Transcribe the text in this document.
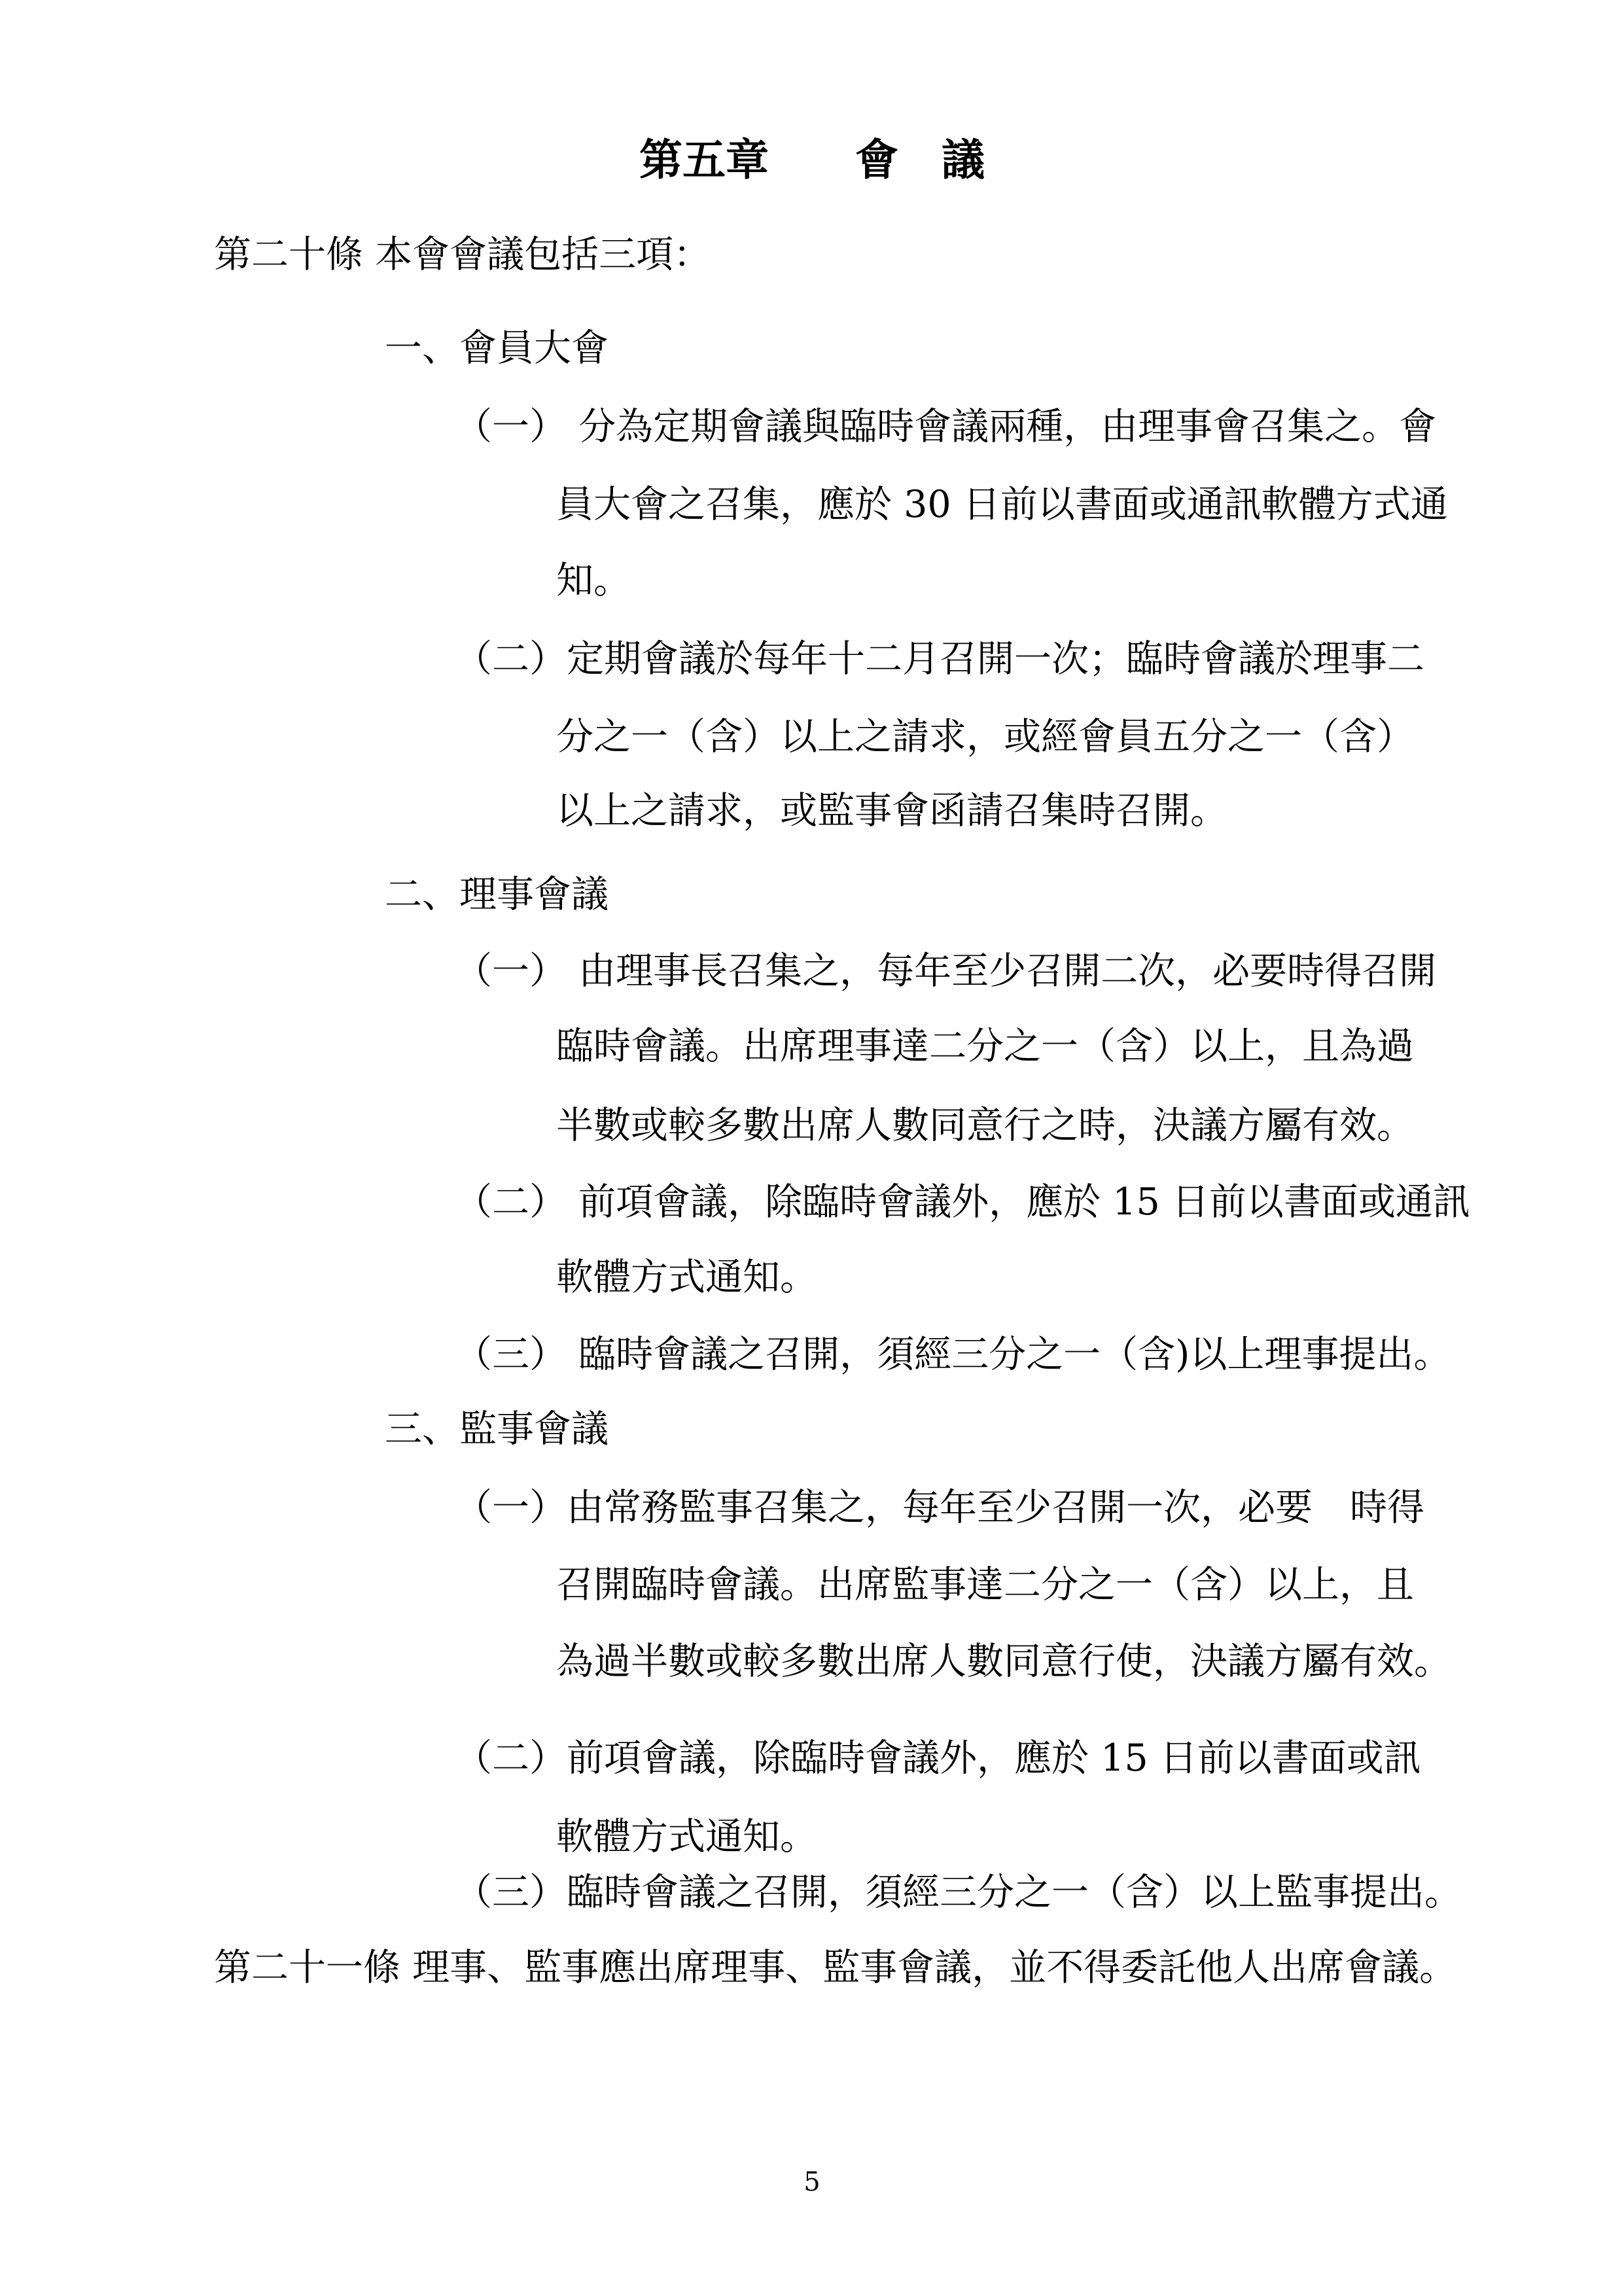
第五章　　會　議
第二十條 本會會議包括三項：
一、會員大會
（一） 分為定期會議與臨時會議兩種，由理事會召集之。會
員大會之召集，應於 30 日前以書面或通訊軟體方式通
知。
（二）定期會議於每年十二月召開一次；臨時會議於理事二
分之一（含）以上之請求，或經會員五分之一（含）
以上之請求，或監事會函請召集時召開。
二、理事會議
（一） 由理事長召集之，每年至少召開二次，必要時得召開
臨時會議。出席理事達二分之一（含）以上，且為過
半數或較多數出席人數同意行之時，決議方屬有效。
（二） 前項會議，除臨時會議外，應於 15 日前以書面或通訊
軟體方式通知。
（三） 臨時會議之召開，須經三分之一（含)以上理事提出。
三、監事會議
（一）由常務監事召集之，每年至少召開一次，必要　時得
召開臨時會議。出席監事達二分之一（含）以上，且
為過半數或較多數出席人數同意行使，決議方屬有效。
（二）前項會議，除臨時會議外，應於 15 日前以書面或訊
軟體方式通知。
（三）臨時會議之召開，須經三分之一（含）以上監事提出。
第二十一條 理事、監事應出席理事、監事會議，並不得委託他人出席會議。
5
